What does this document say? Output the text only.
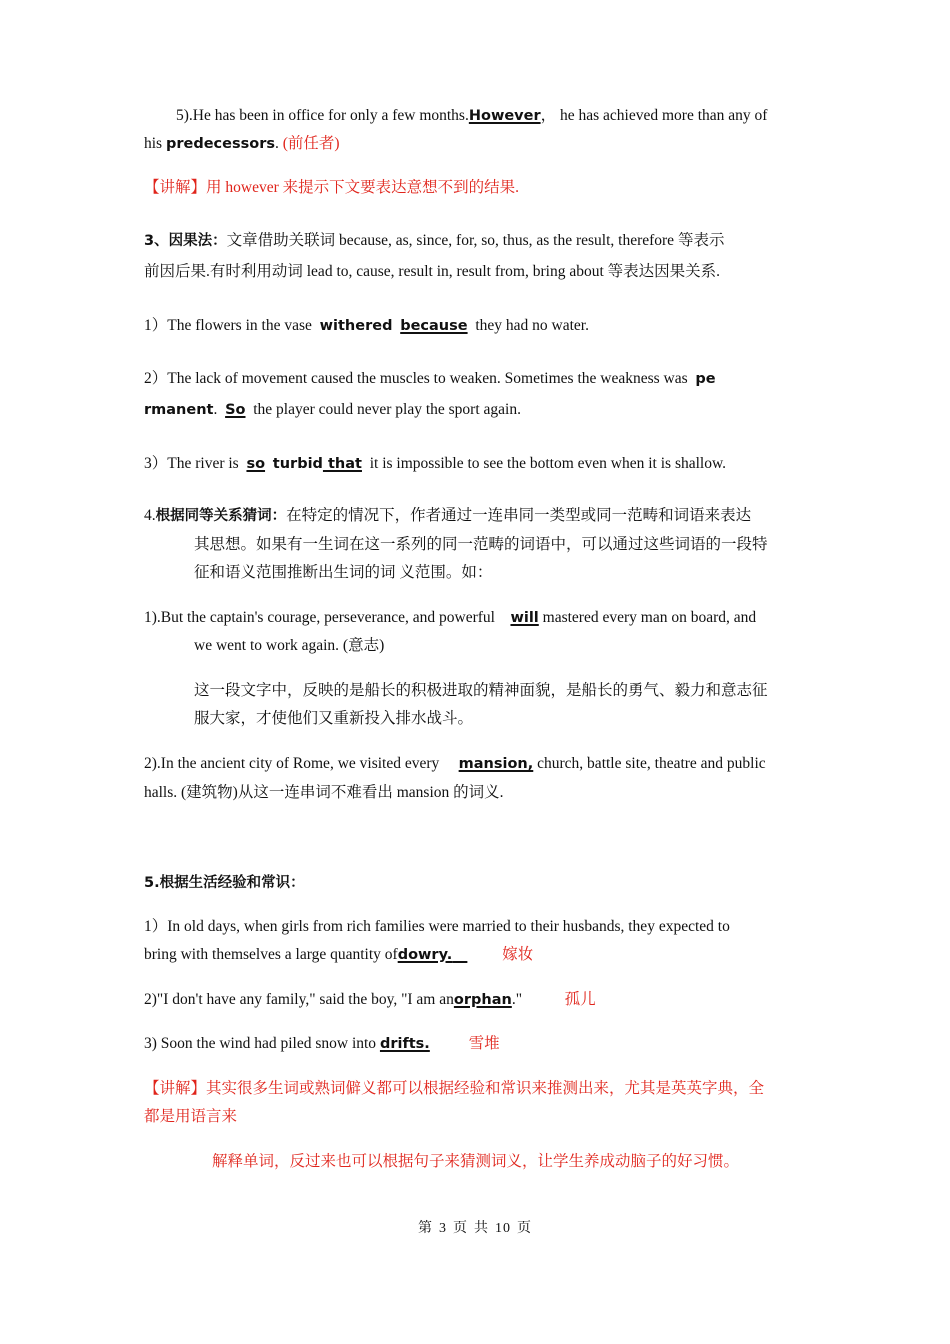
5).He has been in office for only a few months.However， he has achieved more than any of
his predecessors. (前任者)
【讲解】用 however 来提示下文要表达意想不到的结果.
3、因果法：文章借助关联词 because, as, since, for, so, thus, as the result, therefore 等表示
前因后果.有时利用动词 lead to, cause, result in, result from, bring about 等表达因果关系.
1）The flowers in the vase withered because they had no water.
2）The lack of movement caused the muscles to weaken. Sometimes the weakness was pe
rmanent. So the player could never play the sport again.
3）The river is so turbid that it is impossible to see the bottom even when it is shallow.
4.根据同等关系猜词：在特定的情况下，作者通过一连串同一类型或同一范畴和词语来表达
其思想。如果有一生词在这一系列的同一范畴的词语中，可以通过这些词语的一段特
征和语义范围推断出生词的词 义范围。如：
1).But the captain's courage, perseverance, and powerful will mastered every man on board, and
we went to work again. (意志)
这一段文字中，反映的是船长的积极进取的精神面貌，是船长的勇气、毅力和意志征
服大家，才使他们又重新投入排水战斗。
2).In the ancient city of Rome, we visited every mansion, church, battle site, theatre and public
halls. (建筑物)从这一连串词不难看出 mansion 的词义.
5.根据生活经验和常识：
1）In old days, when girls from rich families were married to their husbands, they expected to
bring with themselves a large quantity ofdowry.	嫁妆
2)"I don't have any family," said the boy, "I am anorphan."	孤儿
3) Soon the wind had piled snow into drifts.	雪堆
【讲解】其实很多生词或熟词僻义都可以根据经验和常识来推测出来，尤其是英英字典，全
都是用语言来
解释单词，反过来也可以根据句子来猜测词义，让学生养成动脑子的好习惯。
第 3 页 共 10 页
